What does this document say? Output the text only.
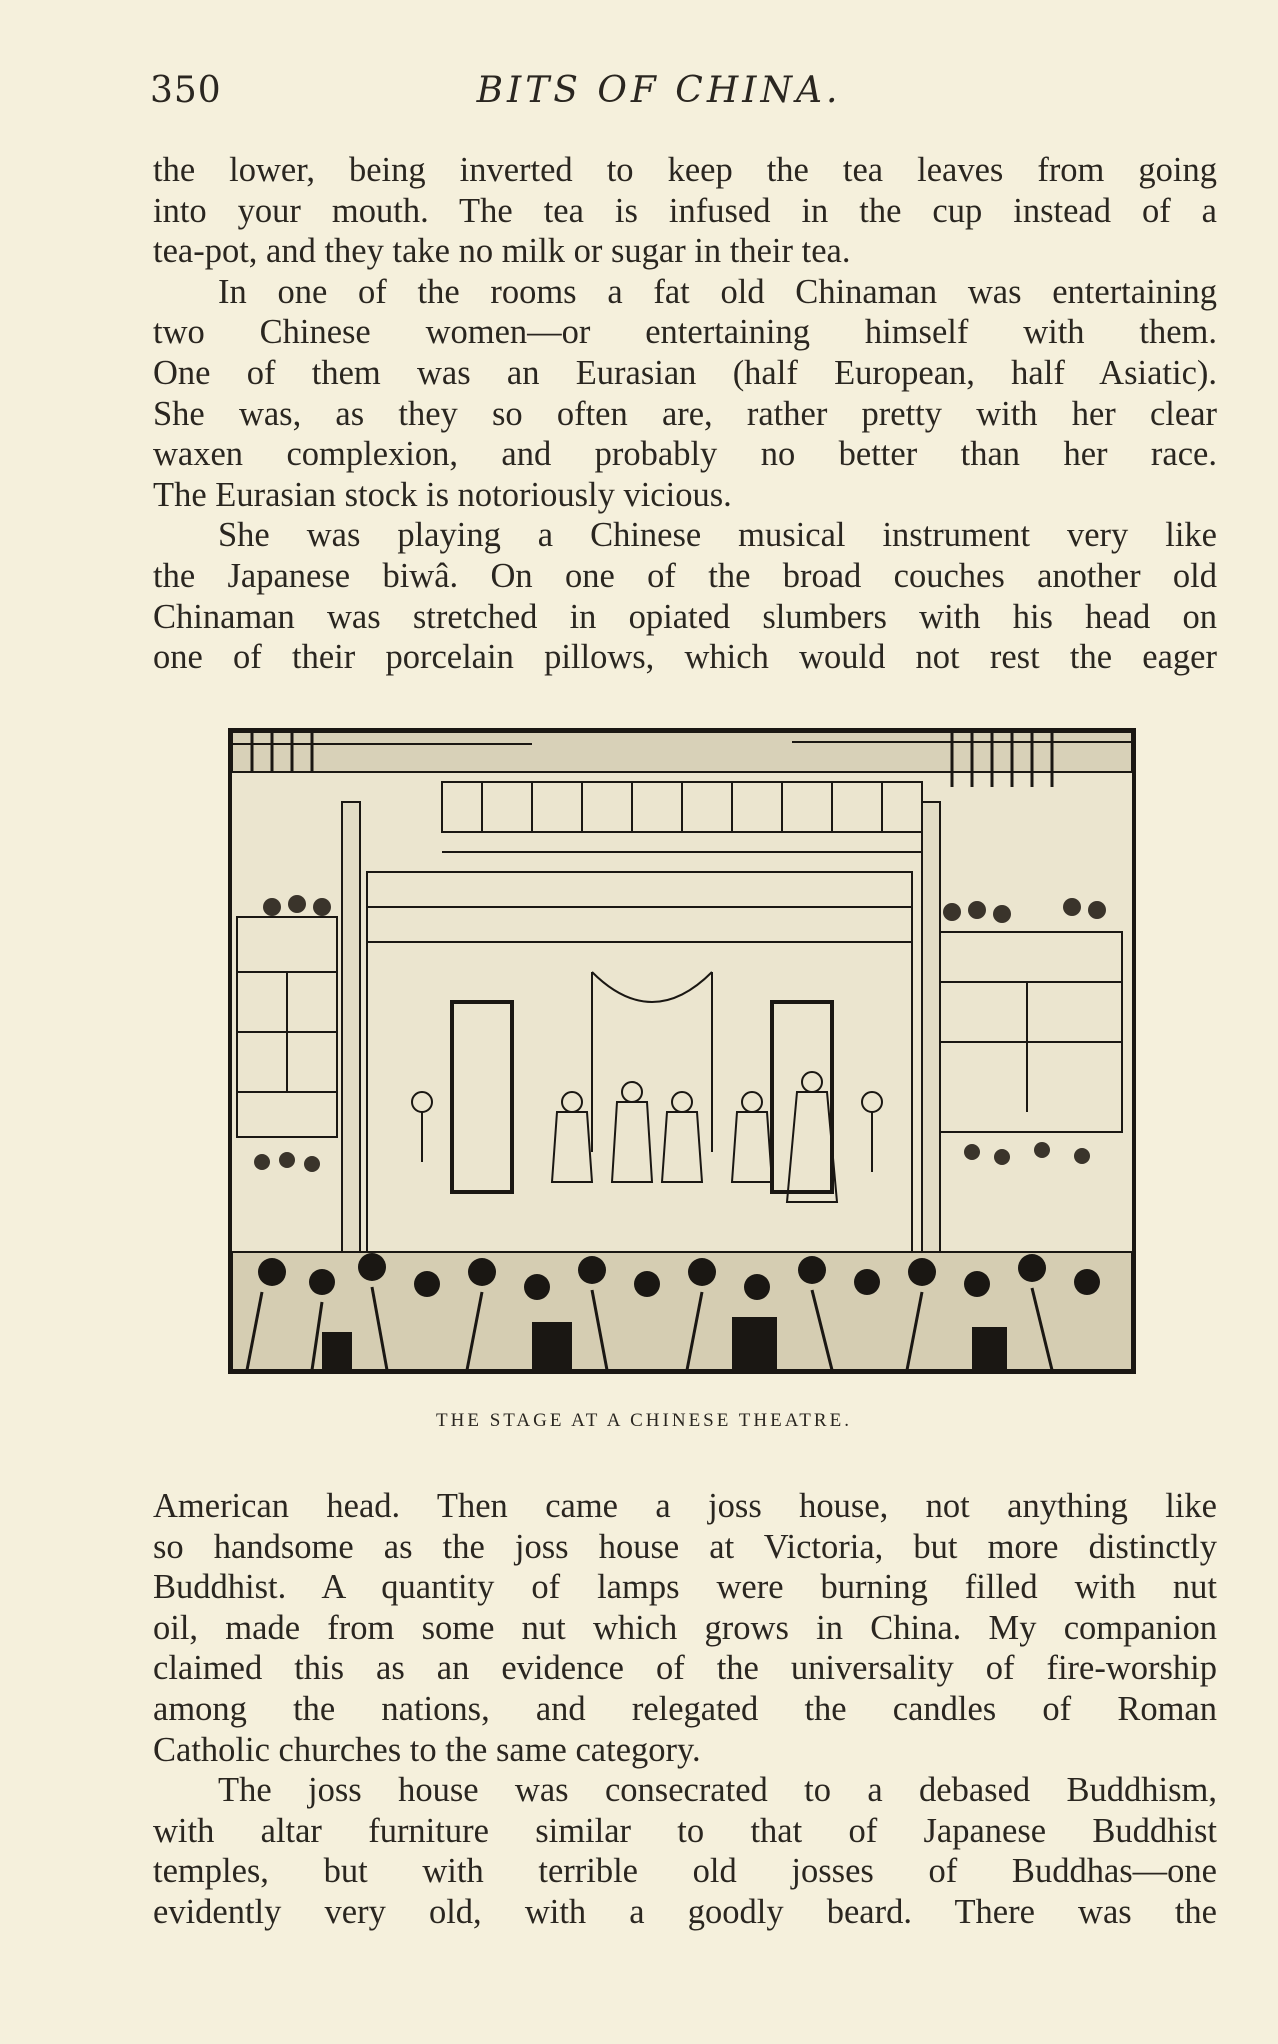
350	BITS OF CHINA.
the lower, being inverted to keep the tea leaves from going
into your mouth. The tea is infused in the cup instead of a
tea-pot, and they take no milk or sugar in their tea.
In one of the rooms a fat old Chinaman was entertaining
two Chinese women—or entertaining himself with them.
One of them was an Eurasian (half European, half Asiatic).
She was, as they so often are, rather pretty with her clear
waxen complexion, and probably no better than her race.
The Eurasian stock is notoriously vicious.
She was playing a Chinese musical instrument very like
the Japanese biwâ. On one of the broad couches another old
Chinaman was stretched in opiated slumbers with his head on
one of their porcelain pillows, which would not rest the eager
THE STAGE AT A CHINESE THEATRE.
American head. Then came a joss house, not anything like
so handsome as the joss house at Victoria, but more distinctly
Buddhist. A quantity of lamps were burning filled with nut
oil, made from some nut which grows in China. My companion
claimed this as an evidence of the universality of fire-worship
among the nations, and relegated the candles of Roman
Catholic churches to the same category.
The joss house was consecrated to a debased Buddhism,
with altar furniture similar to that of Japanese Buddhist
temples, but with terrible old josses of Buddhas—one
evidently very old, with a goodly beard. There was the
